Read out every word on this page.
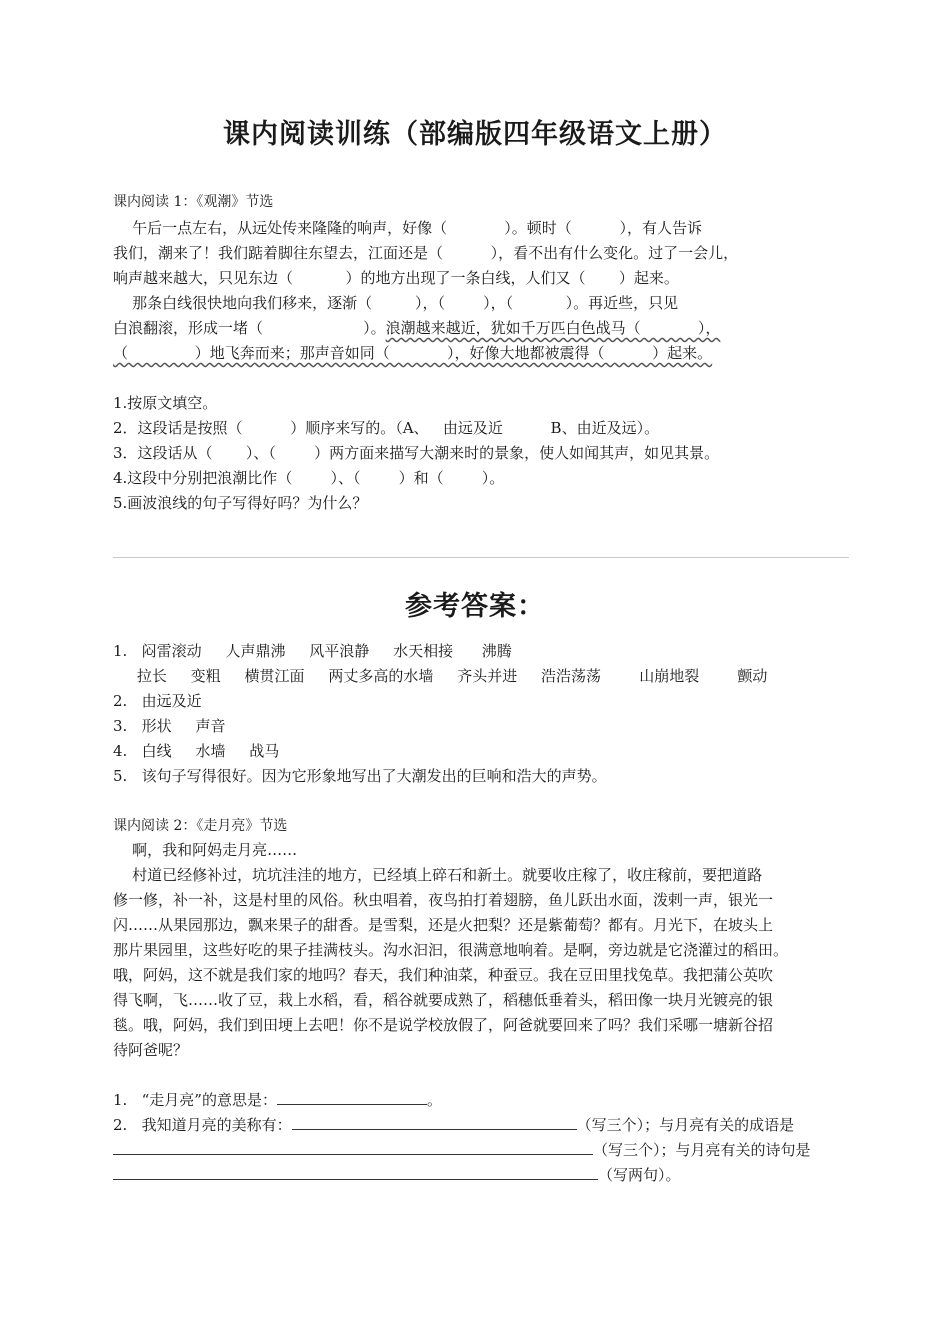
课内阅读训练（部编版四年级语文上册）
课内阅读 1：《观潮》节选
午后一点左右，从远处传来隆隆的响声，好像（            ）。顿时（          ），有人告诉
我们，潮来了！我们踮着脚往东望去，江面还是（          ），看不出有什么变化。过了一会儿，
响声越来越大，只见东边（           ）的地方出现了一条白线，人们又（       ）起来。
那条白线很快地向我们移来，逐渐（         ），（        ），（           ）。再近些，只见
白浪翻滚，形成一堵（                     ）。浪潮越来越近，犹如千万匹白色战马（            ），
（              ）地飞奔而来；那声音如同（            ），好像大地都被震得（          ）起来。
1.按原文填空。
2．这段话是按照（          ）顺序来写的。（A、   由远及近          B、由近及远）。
3．这段话从（       ）、（        ）两方面来描写大潮来时的景象，使人如闻其声，如见其景。
4.这段中分别把浪潮比作（        ）、（        ）和（        ）。
5.画波浪线的句子写得好吗？为什么？
参考答案：
1.   闷雷滚动     人声鼎沸     风平浪静     水天相接      沸腾
拉长     变粗     横贯江面     两丈多高的水墙     齐头并进     浩浩荡荡        山崩地裂        颤动
2.   由远及近
3.   形状     声音
4.   白线     水墙     战马
5.   该句子写得很好。因为它形象地写出了大潮发出的巨响和浩大的声势。
课内阅读 2：《走月亮》节选
啊，我和阿妈走月亮……
村道已经修补过，坑坑洼洼的地方，已经填上碎石和新土。就要收庄稼了，收庄稼前，要把道路
修一修，补一补，这是村里的风俗。秋虫唱着，夜鸟拍打着翅膀，鱼儿跃出水面，泼剌一声，银光一
闪……从果园那边，飘来果子的甜香。是雪梨，还是火把梨？还是紫葡萄？都有。月光下，在坡头上
那片果园里，这些好吃的果子挂满枝头。沟水汩汩，很满意地响着。是啊，旁边就是它浇灌过的稻田。
哦，阿妈，这不就是我们家的地吗？春天，我们种油菜，种蚕豆。我在豆田里找兔草。我把蒲公英吹
得飞啊，飞……收了豆，栽上水稻，看，稻谷就要成熟了，稻穗低垂着头，稻田像一块月光镀亮的银
毯。哦，阿妈，我们到田埂上去吧！你不是说学校放假了，阿爸就要回来了吗？我们采哪一塘新谷招
待阿爸呢？
1.   “走月亮”的意思是：	。
2.   我知道月亮的美称有：	（写三个）；与月亮有关的成语是
（写三个）；与月亮有关的诗句是
（写两句）。
